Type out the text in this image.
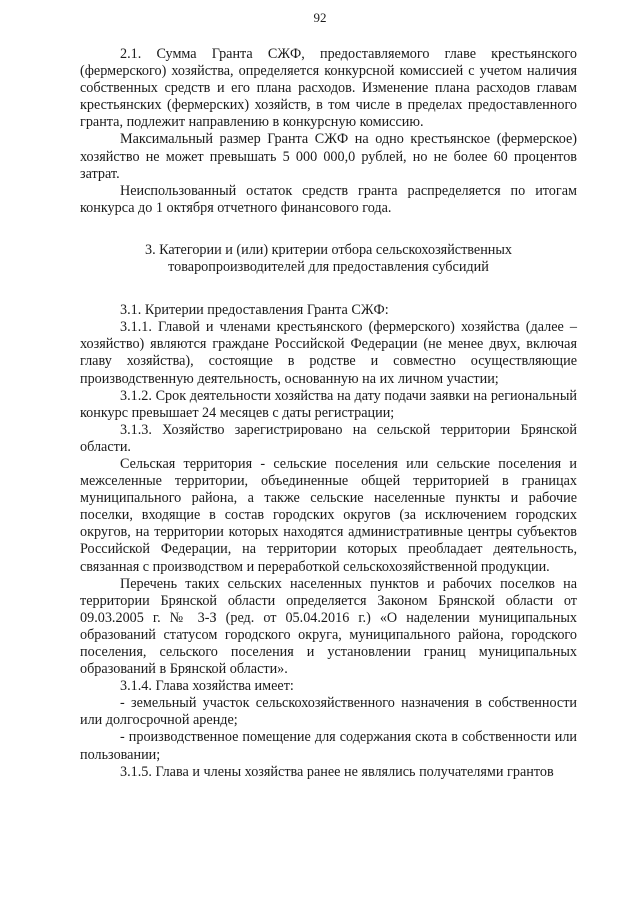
92

2.1. Сумма Гранта СЖФ, предоставляемого главе крестьянского (фермерского) хозяйства, определяется конкурсной комиссией с учетом наличия собственных средств и его плана расходов. Изменение плана расходов главам крестьянских (фермерских) хозяйств, в том числе в пределах предоставленного гранта, подлежит направлению в конкурсную комиссию.

Максимальный размер Гранта СЖФ на одно крестьянское (фермерское) хозяйство не может превышать 5 000 000,0 рублей, но не более 60 процентов затрат.

Неиспользованный остаток средств гранта распределяется по итогам конкурса до 1 октября отчетного финансового года.

3. Категории и (или) критерии отбора сельскохозяйственных
товаропроизводителей для предоставления субсидий

3.1. Критерии предоставления Гранта СЖФ:

3.1.1. Главой и членами крестьянского (фермерского) хозяйства (далее – хозяйство) являются граждане Российской Федерации (не менее двух, включая главу хозяйства), состоящие в родстве и совместно осуществляющие производственную деятельность, основанную на их личном участии;

3.1.2. Срок деятельности хозяйства на дату подачи заявки на региональный конкурс превышает 24 месяцев с даты регистрации;

3.1.3. Хозяйство зарегистрировано на сельской территории Брянской области.

Сельская территория - сельские поселения или сельские поселения и межселенные территории, объединенные общей территорией в границах муниципального района, а также сельские населенные пункты и рабочие поселки, входящие в состав городских округов (за исключением городских округов, на территории которых находятся административные центры субъектов Российской Федерации, на территории которых преобладает деятельность, связанная с производством и переработкой сельскохозяйственной продукции.

Перечень таких сельских населенных пунктов и рабочих поселков на территории Брянской области определяется Законом Брянской области от 09.03.2005 г. № 3-З (ред. от 05.04.2016 г.) «О наделении муниципальных образований статусом городского округа, муниципального района, городского поселения, сельского поселения и установлении границ муниципальных образований в Брянской области».

3.1.4. Глава хозяйства имеет:

- земельный участок сельскохозяйственного назначения в собственности или долгосрочной аренде;

- производственное помещение для содержания скота в собственности или пользовании;

3.1.5. Глава и члены хозяйства ранее не являлись получателями грантов
